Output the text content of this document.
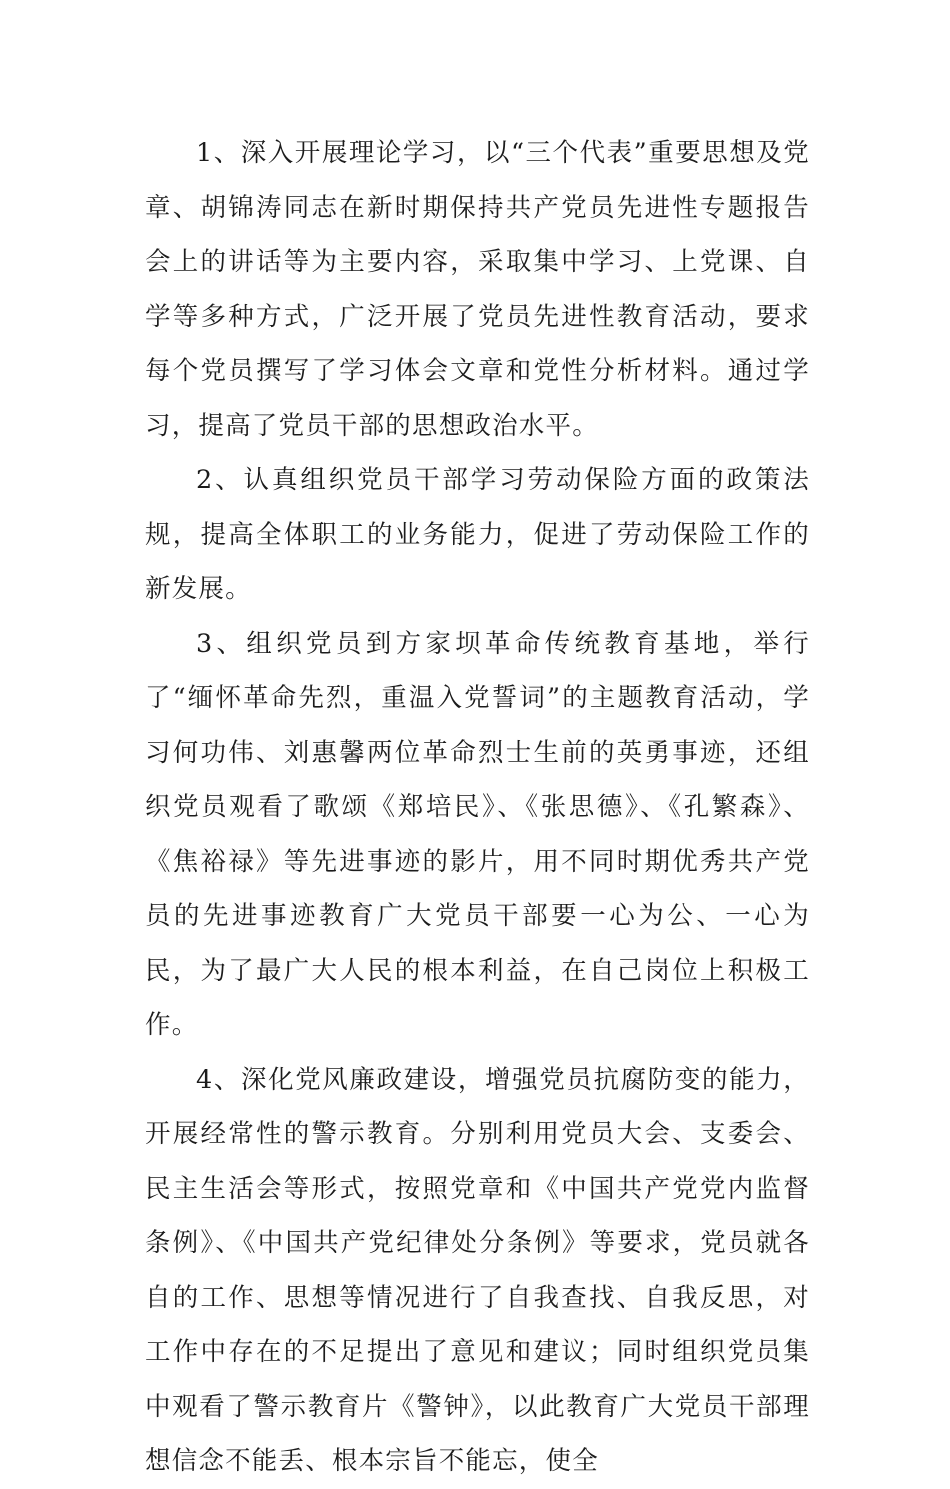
1、深入开展理论学习，以“三个代表”重要思想及党章、胡锦涛同志在新时期保持共产党员先进性专题报告会上的讲话等为主要内容，采取集中学习、上党课、自学等多种方式，广泛开展了党员先进性教育活动，要求每个党员撰写了学习体会文章和党性分析材料。通过学习，提高了党员干部的思想政治水平。

2、认真组织党员干部学习劳动保险方面的政策法规，提高全体职工的业务能力，促进了劳动保险工作的新发展。

3、组织党员到方家坝革命传统教育基地，举行了“缅怀革命先烈，重温入党誓词”的主题教育活动，学习何功伟、刘惠馨两位革命烈士生前的英勇事迹，还组织党员观看了歌颂《郑培民》、《张思德》、《孔繁森》、《焦裕禄》等先进事迹的影片，用不同时期优秀共产党员的先进事迹教育广大党员干部要一心为公、一心为民，为了最广大人民的根本利益，在自己岗位上积极工作。

4、深化党风廉政建设，增强党员抗腐防变的能力，开展经常性的警示教育。分别利用党员大会、支委会、民主生活会等形式，按照党章和《中国共产党党内监督条例》、《中国共产党纪律处分条例》等要求，党员就各自的工作、思想等情况进行了自我查找、自我反思，对工作中存在的不足提出了意见和建议；同时组织党员集中观看了警示教育片《警钟》，以此教育广大党员干部理想信念不能丢、根本宗旨不能忘，使全
